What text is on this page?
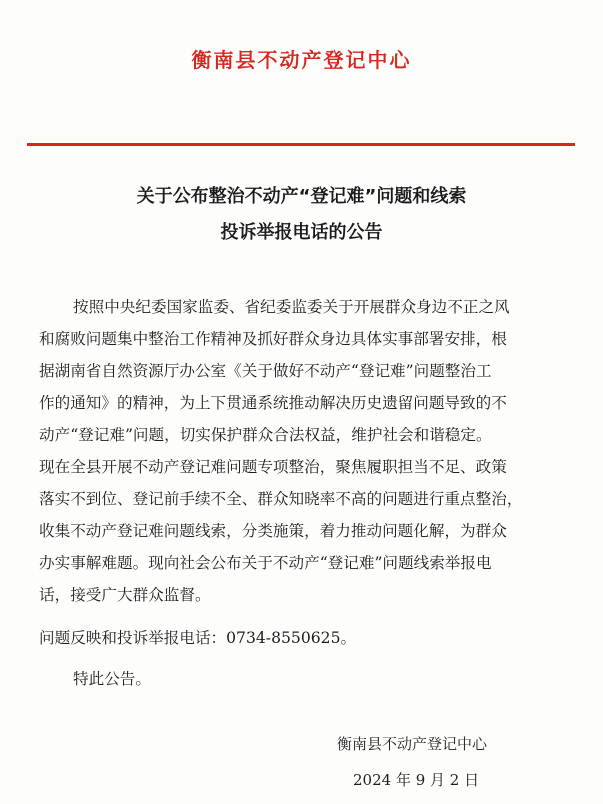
衡南县不动产登记中心
关于公布整治不动产“登记难”问题和线索
投诉举报电话的公告
按照中央纪委国家监委、省纪委监委关于开展群众身边不正之风
和腐败问题集中整治工作精神及抓好群众身边具体实事部署安排，根
据湖南省自然资源厅办公室《关于做好不动产“登记难”问题整治工
作的通知》的精神，为上下贯通系统推动解决历史遗留问题导致的不
动产“登记难”问题，切实保护群众合法权益，维护社会和谐稳定。
现在全县开展不动产登记难问题专项整治，聚焦履职担当不足、政策
落实不到位、登记前手续不全、群众知晓率不高的问题进行重点整治，
收集不动产登记难问题线索，分类施策，着力推动问题化解，为群众
办实事解难题。现向社会公布关于不动产“登记难”问题线索举报电
话，接受广大群众监督。
问题反映和投诉举报电话：0734-8550625。
特此公告。
衡南县不动产登记中心
2024 年 9 月 2 日
